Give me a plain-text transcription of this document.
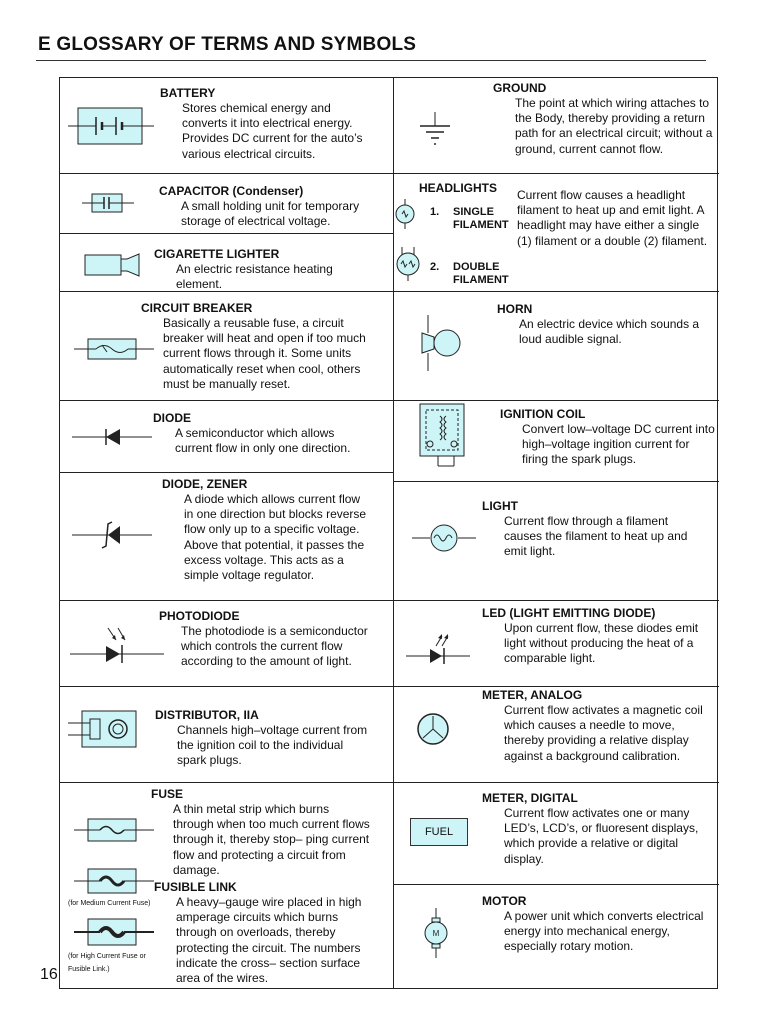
E GLOSSARY OF TERMS AND SYMBOLS
BATTERY
Stores chemical energy and converts it into electrical energy. Provides DC current for the auto’s various electrical circuits.
CAPACITOR (Condenser)
A small holding unit for temporary storage of electrical voltage.
CIGARETTE LIGHTER
An electric resistance heating element.
CIRCUIT BREAKER
Basically a reusable fuse, a circuit breaker will heat and open if too much current flows through it. Some units automatically reset when cool, others must be manually reset.
DIODE
A semiconductor which allows current flow in only one direction.
DIODE, ZENER
A diode which allows current flow in one direction but blocks reverse flow only up to a specific voltage. Above that potential, it passes the excess voltage. This acts as a simple voltage regulator.
PHOTODIODE
The photodiode is a semiconductor which controls the current flow according to the amount of light.
DISTRIBUTOR, IIA
Channels high–voltage current from the ignition coil to the individual spark plugs.
FUSE
A thin metal strip which burns through when too much current flows through it, thereby stop– ping current flow and protecting a circuit from damage.
FUSIBLE LINK
A heavy–gauge wire placed in high amperage circuits which burns through on overloads, thereby protecting the circuit. The numbers indicate the cross– section surface area of the wires.
(for Medium Current Fuse)
(for High Current Fuse or
Fusible Link.)
16
GROUND
The point at which wiring attaches to the Body, thereby providing a return path for an electrical circuit; without a ground, current cannot flow.
HEADLIGHTS Current flow causes a headlight filament to heat up and emit light. A headlight may have either a single (1) filament or a double (2) filament.
1. SINGLE
FILAMENT
2. DOUBLE
FILAMENT
HORN
An electric device which sounds a loud audible signal.
IGNITION COIL
Convert low–voltage DC current into high–voltage ingition current for firing the spark plugs.
LIGHT
Current flow through a filament causes the filament to heat up and emit light.
LED (LIGHT EMITTING DIODE)
Upon current flow, these diodes emit light without producing the heat of a comparable light.
METER, ANALOG
Current flow activates a magnetic coil which causes a needle to move, thereby providing a relative display against a background calibration.
METER, DIGITAL
Current flow activates one or many LED’s, LCD’s, or fluoresent displays, which provide a relative or digital display.
FUEL
MOTOR
A power unit which converts electrical energy into mechanical energy, especially rotary motion.
M
